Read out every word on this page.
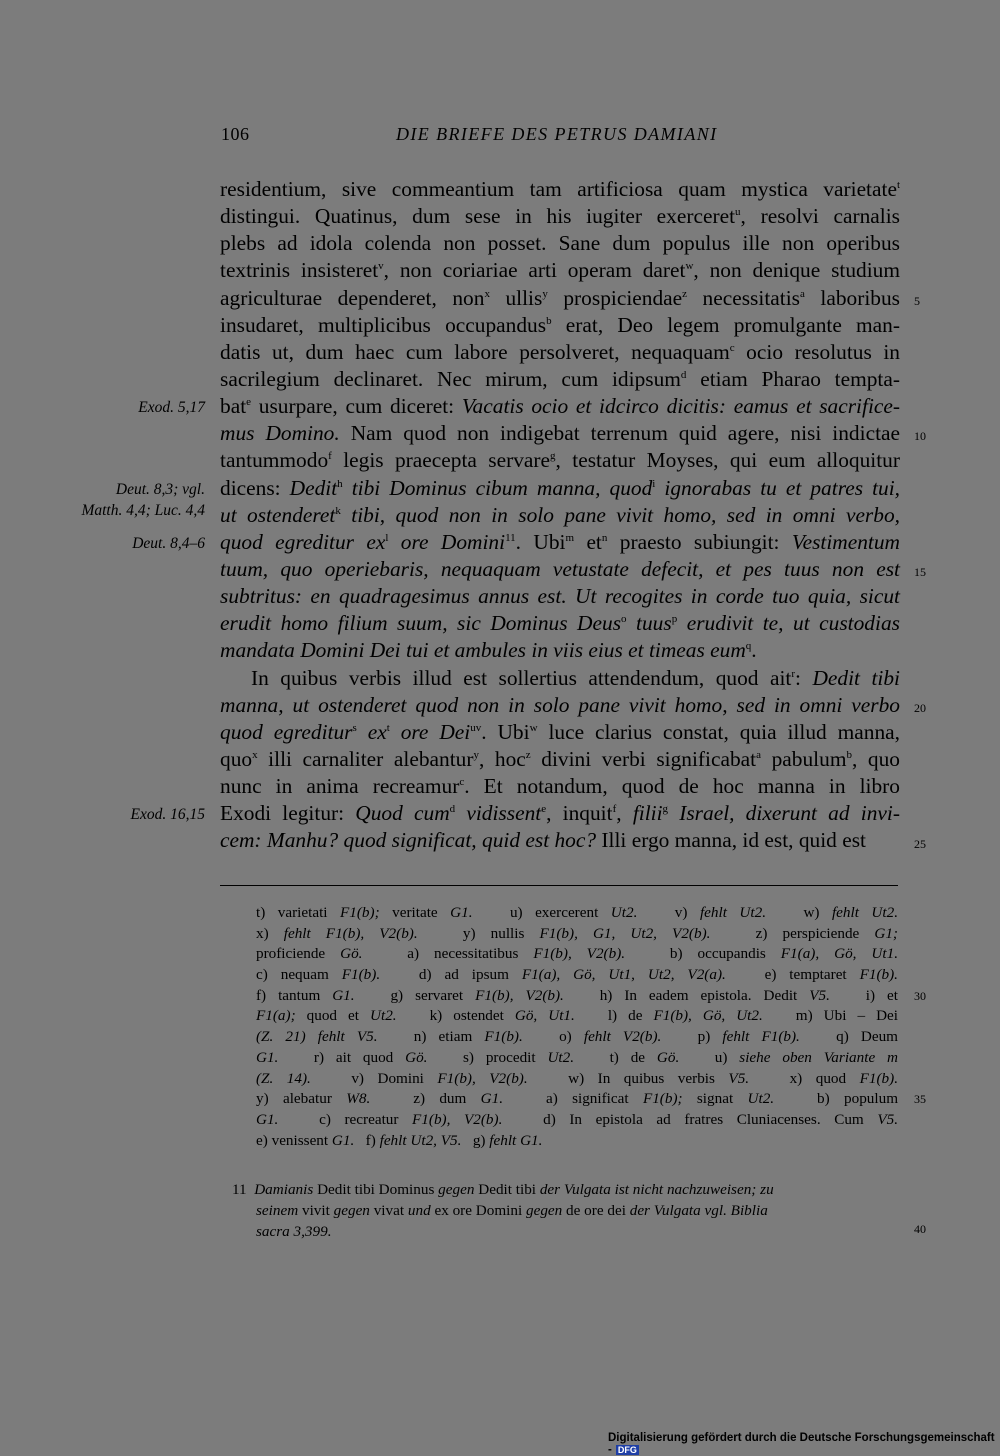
106	DIE BRIEFE DES PETRUS DAMIANI
residentium, sive commeantium tam artificiosa quam mystica varietate$^t$
distingui. Quatinus, dum sese in his iugiter exerceret$^u$, resolvi carnalis
plebs ad idola colenda non posset. Sane dum populus ille non operibus
textrinis insisteret$^v$, non coriariae arti operam daret$^w$, non denique studium
agriculturae dependeret, non$^x$ ullis$^y$ prospiciendae$^z$ necessitatis$^a$ laboribus
insudaret, multiplicibus occupandus$^b$ erat, Deo legem promulgante man-
datis ut, dum haec cum labore persolveret, nequaquam$^c$ ocio resolutus in
sacrilegium declinaret. Nec mirum, cum idipsum$^d$ etiam Pharao tempta-
bat$^e$ usurpare, cum diceret: Vacatis ocio et idcirco dicitis: eamus et sacrifice-
mus Domino. Nam quod non indigebat terrenum quid agere, nisi indictae
tantummodo$^f$ legis praecepta servare$^g$, testatur Moyses, qui eum alloquitur
dicens: Dedit$^h$ tibi Dominus cibum manna, quod$^i$ ignorabas tu et patres tui,
ut ostenderet$^k$ tibi, quod non in solo pane vivit homo, sed in omni verbo,
quod egreditur $ex^l$ ore Domini$^{11}$. Ubi$^m$ $et^n$ praesto subiungit: Vestimentum
tuum, quo operiebaris, nequaquam vetustate defecit, et pes tuus non est
subtritus: en quadragesimus annus est. Ut recogites in corde tuo quia, sicut
erudit homo filium suum, sic Dominus Deus$^o$ tuus$^p$ erudivit te, ut custodias
mandata Domini Dei tui et ambules in viis eius et timeas eum$^q$.
In quibus verbis illud est sollertius attendendum, quod ait$^r$: Dedit tibi
manna, ut ostenderet quod non in solo pane vivit homo, sed in omni verbo
quod egreditur$^s$ $ex^t$ ore Dei$^{uv}$. Ubi$^w$ luce clarius constat, quia illud manna,
quo$^x$ illi carnaliter alebantur$^y$, hoc$^z$ divini verbi significabat$^a$ pabulum$^b$, quo
nunc in anima recreamur$^c$. Et notandum, quod de hoc manna in libro
Exodi legitur: Quod cum$^d$ vidissent$^e$, inquit$^f$, filii$^g$ Israel, dixerunt ad invi-
cem: Manhu? quod significat, quid est hoc? Illi ergo manna, id est, quid est
Exod. 5,17
Deut. 8,3; vgl.
Matth. 4,4; Luc. 4,4
Deut. 8,4–6
Exod. 16,15
5
10
15
20
25
t) varietati F1(b); veritate G1.   u) exercerent Ut2.   v) fehlt Ut2.   w) fehlt Ut2.
x) fehlt F1(b), V2(b).   y) nullis F1(b), G1, Ut2, V2(b).   z) perspiciende G1;
proficiende Gö.   a) necessitatibus F1(b), V2(b).   b) occupandis F1(a), Gö, Ut1.
c) nequam F1(b).   d) ad ipsum F1(a), Gö, Ut1, Ut2, V2(a).   e) temptaret F1(b).
f) tantum G1.   g) servaret F1(b), V2(b).   h) In eadem epistola. Dedit V5.   i) et
F1(a); quod et Ut2.   k) ostendet Gö, Ut1.   l) de F1(b), Gö, Ut2.   m) Ubi – Dei
(Z. 21) fehlt V5.   n) etiam F1(b).   o) fehlt V2(b).   p) fehlt F1(b).   q) Deum
G1.   r) ait quod Gö.   s) procedit Ut2.   t) de Gö.   u) siehe oben Variante m
(Z. 14).   v) Domini F1(b), V2(b).   w) In quibus verbis V5.   x) quod F1(b).
y) alebatur W8.   z) dum G1.   a) significat F1(b); signat Ut2.   b) populum
G1.   c) recreatur F1(b), V2(b).   d) In epistola ad fratres Cluniacenses. Cum V5.
e) venissent G1.   f) fehlt Ut2, V5.   g) fehlt G1.
30
35
11  Damianis Dedit tibi Dominus gegen Dedit tibi der Vulgata ist nicht nachzuweisen; zu
seinem vivit gegen vivat und ex ore Domini gegen de ore dei der Vulgata vgl. Biblia
sacra 3,399.	40
Digitalisierung gefördert durch die Deutsche Forschungsgemeinschaft - DFG
